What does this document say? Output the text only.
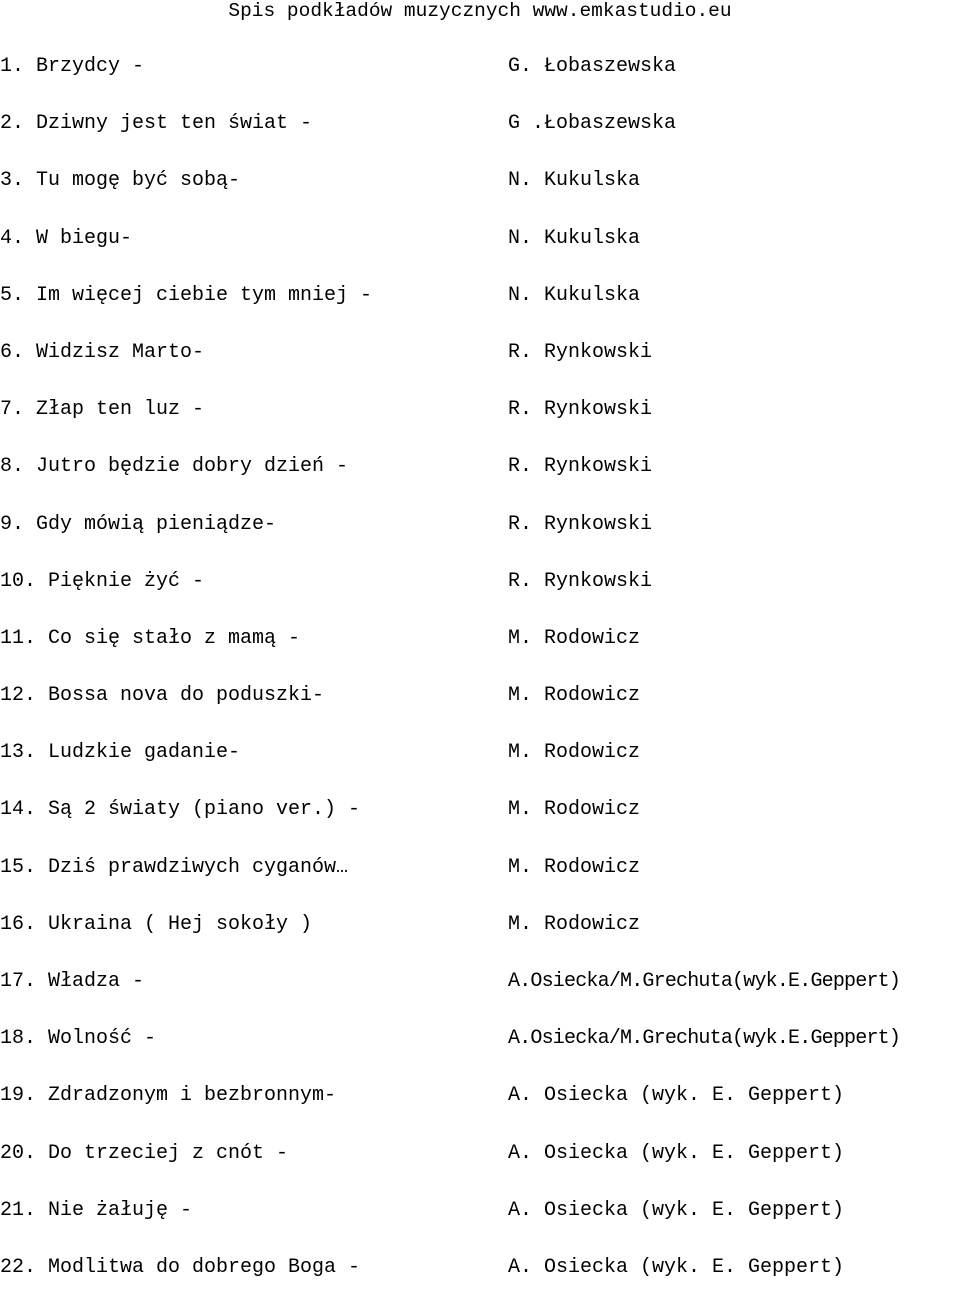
Spis podkładów muzycznych www.emkastudio.eu
1. Brzydcy -	G. Łobaszewska
2. Dziwny jest ten świat -	G .Łobaszewska
3. Tu mogę być sobą-	N. Kukulska
4. W biegu-	N. Kukulska
5. Im więcej ciebie tym mniej -	N. Kukulska
6. Widzisz Marto-	R. Rynkowski
7. Złap ten luz -	R. Rynkowski
8. Jutro będzie dobry dzień -	R. Rynkowski
9. Gdy mówią pieniądze-	R. Rynkowski
10. Pięknie żyć -	R. Rynkowski
11. Co się stało z mamą -	M. Rodowicz
12. Bossa nova do poduszki-	M. Rodowicz
13. Ludzkie gadanie-	M. Rodowicz
14. Są 2 światy (piano ver.) -	M. Rodowicz
15. Dziś prawdziwych cyganów…	M. Rodowicz
16. Ukraina ( Hej sokoły )	M. Rodowicz
17. Władza -	A.Osiecka/M.Grechuta(wyk.E.Geppert)
18. Wolność -	A.Osiecka/M.Grechuta(wyk.E.Geppert)
19. Zdradzonym i bezbronnym-	A. Osiecka (wyk. E. Geppert)
20. Do trzeciej z cnót -	A. Osiecka (wyk. E. Geppert)
21. Nie żałuję -	A. Osiecka (wyk. E. Geppert)
22. Modlitwa do dobrego Boga -	A. Osiecka (wyk. E. Geppert)
